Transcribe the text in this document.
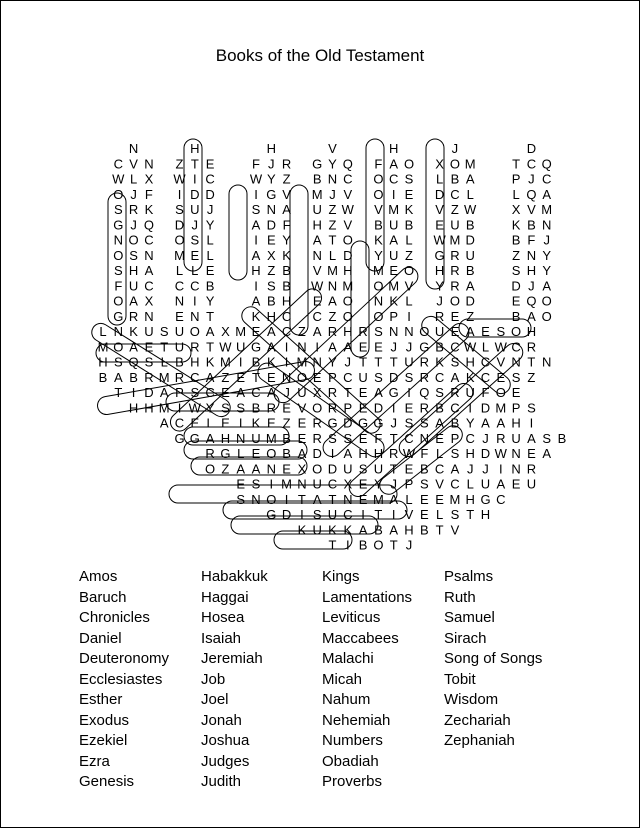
Books of the Old Testament
N	H	H	V	H	J	D
C V N Z T E	F J R G Y Q F A O X O M	T C Q
W L X W I C	W Y Z B N C O C S L B A	P J C
O J F I D D	I G V M J V O I E D C L	L Q A
S R K S U J	S N A U Z W V M K V Z W	X V M
G J Q D J Y	A D F H Z V B U B E U B	K B N
N O C O S L	I E Y A T O K A L W M D	B F J
O S N M E L	A X K N L D Y U Z G R U	Z N Y
S H A L L E	H Z B V M H M E O H R B	S H Y
F U C C C B	I S B W N M O M V Y R A	D J A
O A X N I Y	A B H E A O N K L J O D	E Q O
G R N E N T	K H C C Z O O P I R E Z	B A O
L N K U S U O A X M E A C Z A R H R S N N O U E A E S O H
M O A E T U R T W U G A I N I A A E E J J G B C W L W C R
H S Q S L B H K M I B K I M N Y J T T T U R K S H C V N T N
B A B R M R C A Z E T E N O E P C U S D S R C A K C E S Z
T I D A P S C E A C A J U X R T E A G I Q S R U F O E
H H M I W Y S S B R E V O R P E D I E R B C I D M P S
A C E L E I K E Z E R G D G G J S S A B Y A A H I
G G A H N U M B E R S S E F T C N E P C J R U A S B
R G L E O B A D I A H H R W F L S H D W N E A
O Z A A N E X O D U S U T E B C A J J I N R
E S I M N U C X E Y J P S V C L U A E U
S N O I T A T N E M A L E E M H G C
G D I S U C I T I V E L S T H
K U K K A B A H B T V
T I B O T J
Amos
Baruch
Chronicles
Daniel
Deuteronomy
Ecclesiastes
Esther
Exodus
Ezekiel
Ezra
Genesis
Habakkuk
Haggai
Hosea
Isaiah
Jeremiah
Job
Joel
Jonah
Joshua
Judges
Judith
Kings
Lamentations
Leviticus
Maccabees
Malachi
Micah
Nahum
Nehemiah
Numbers
Obadiah
Proverbs
Psalms
Ruth
Samuel
Sirach
Song of Songs
Tobit
Wisdom
Zechariah
Zephaniah
